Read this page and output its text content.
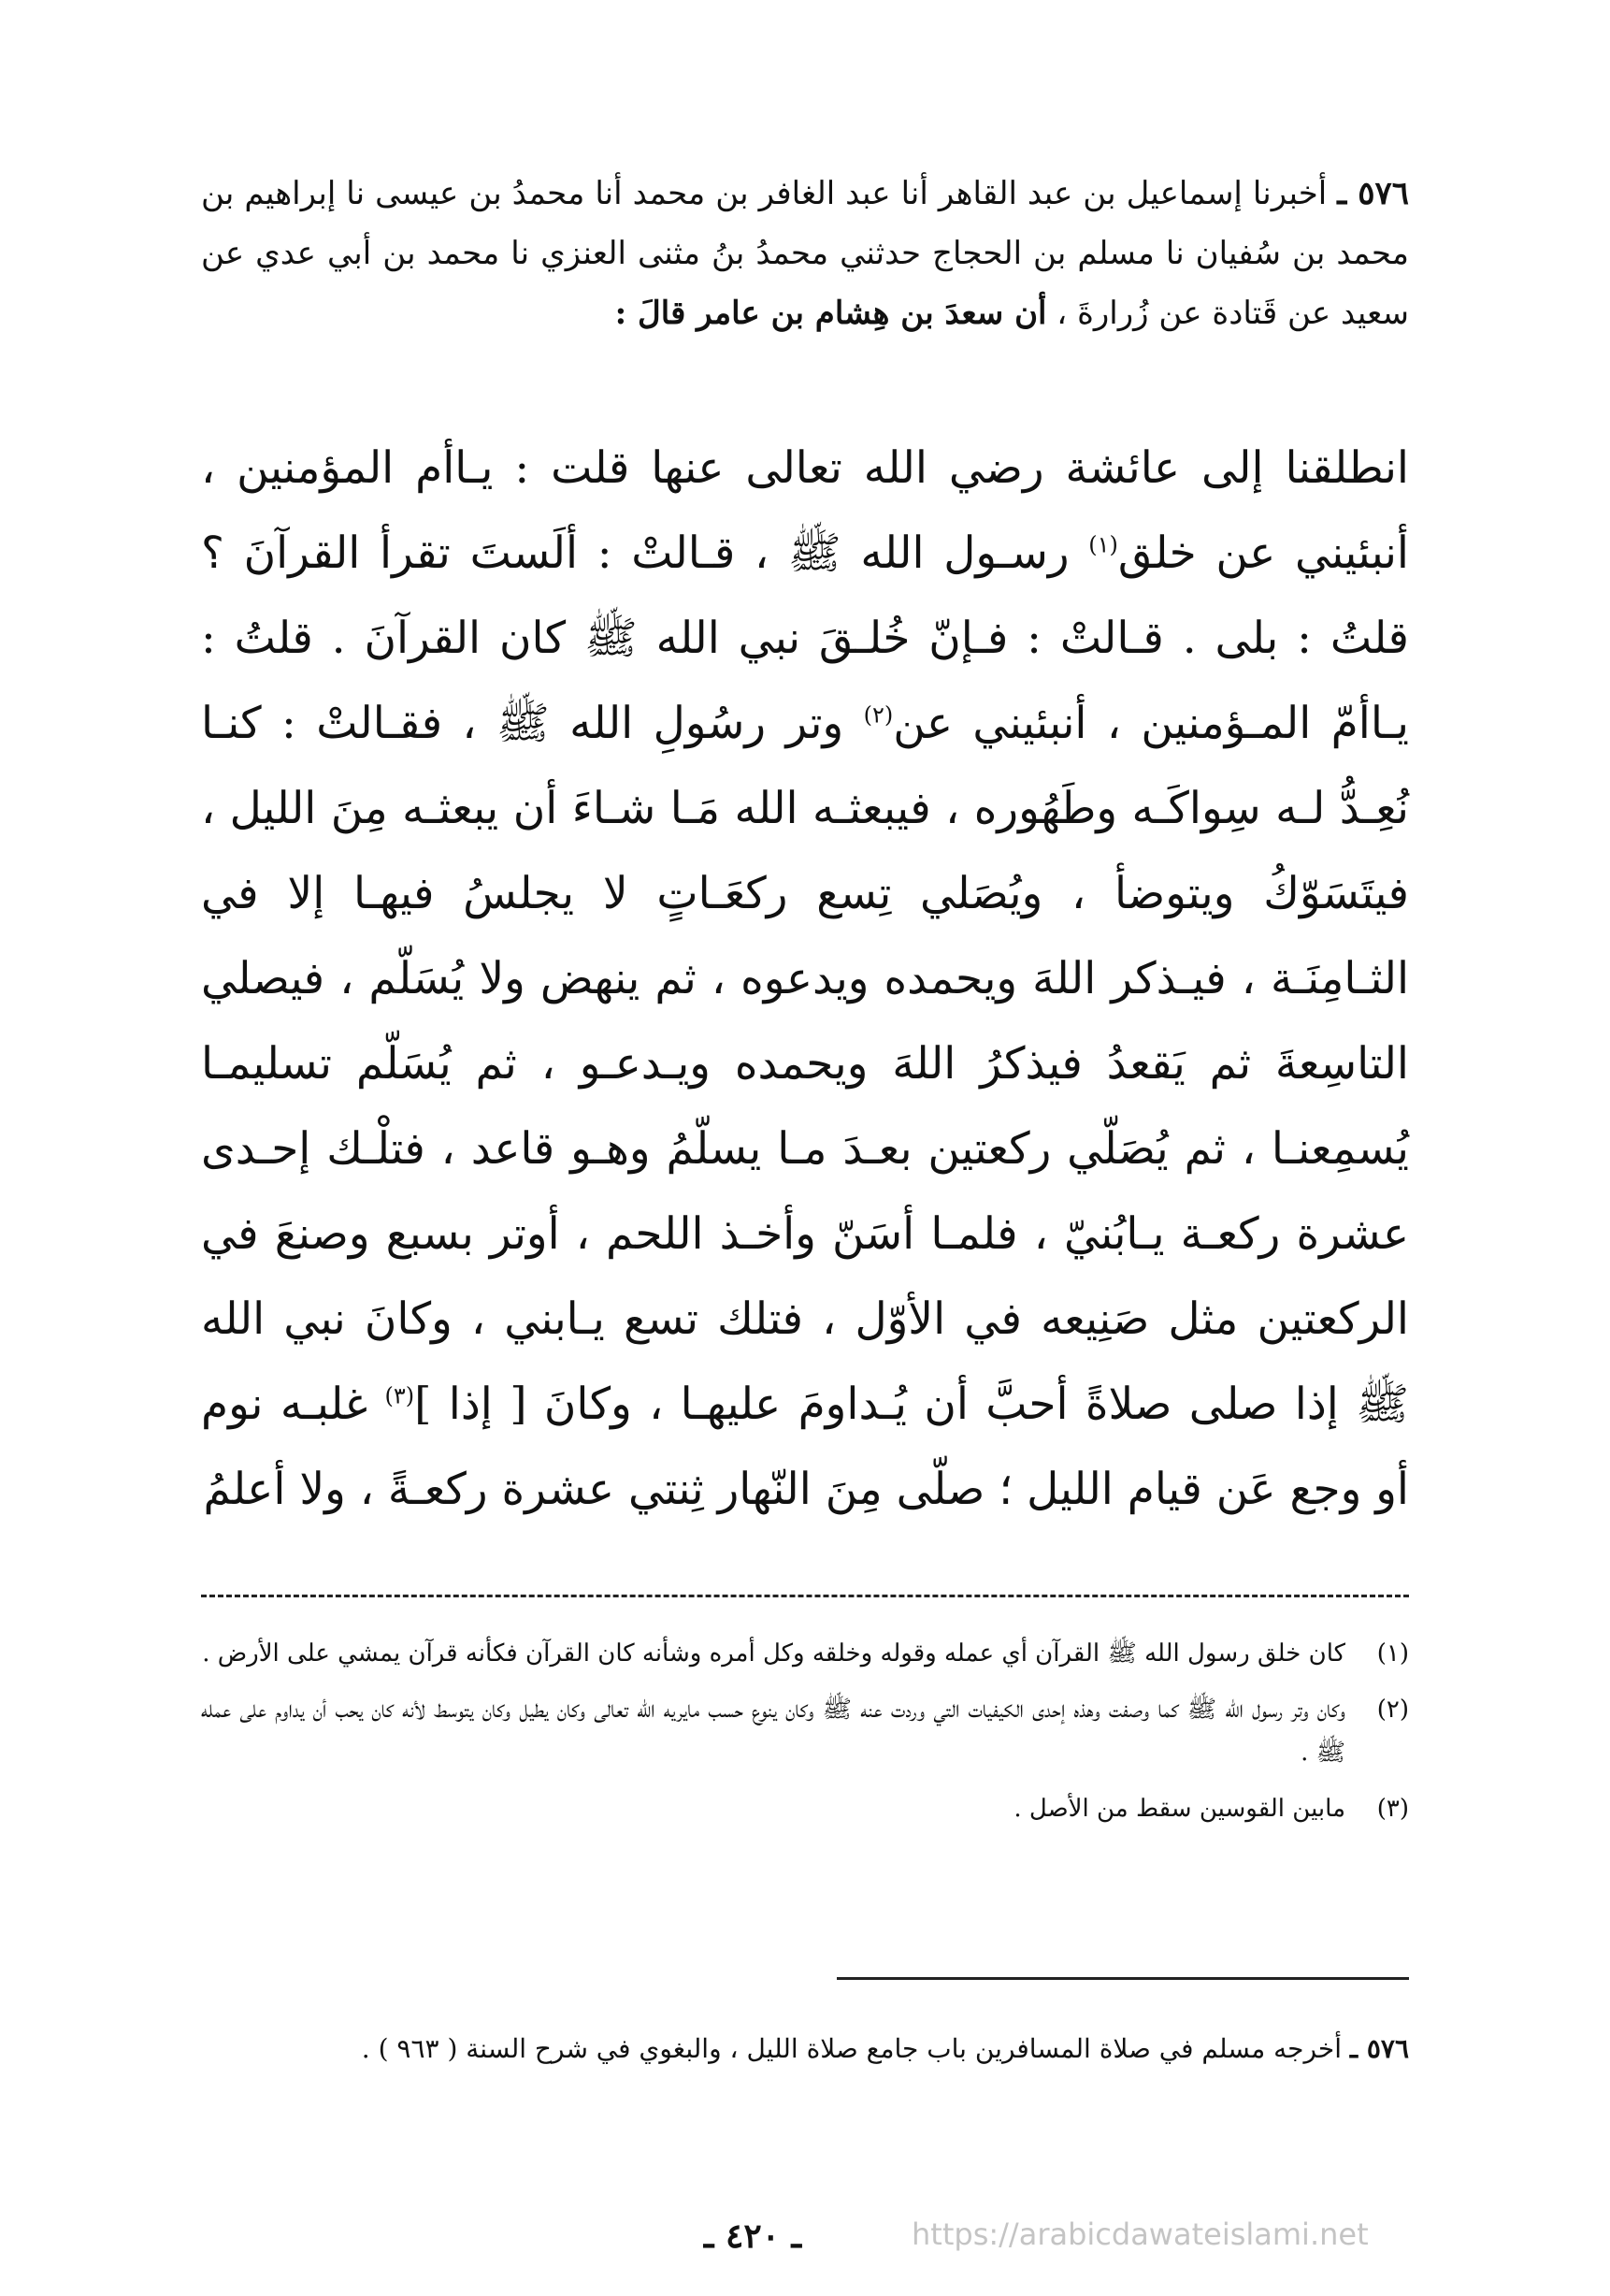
٥٧٦ ـ أخبرنا إسماعيل بن عبد القاهر أنا عبد الغافر بن محمد أنا محمدُ بن عيسى نا إبراهيم بن محمد بن سُفيان نا مسلم بن الحجاج حدثني محمدُ بنُ مثنى العنزي نا محمد بن أبي عدي عن سعيد عن قَتادة عن زُرارةَ ، أن سعدَ بن هِشام بن عامر قالَ :
انطلقنا إلى عائشة رضي الله تعالى عنها قلت : يـاأم المؤمنين ، أنبئيني عن خلق$^{(١)}$ رسـول الله ﷺ ، قـالتْ : ألَستَ تقرأ القرآنَ ؟ قلتُ : بلى . قـالتْ : فـإنّ خُلـقَ نبي الله ﷺ كان القرآنَ . قلتُ : يـاأمّ المـؤمنين ، أنبئيني عن$^{(٢)}$ وتر رسُولِ الله ﷺ ، فقـالتْ : كنـا نُعِـدُّ لـه سِواكَـه وطَهُوره ، فيبعثـه الله مَـا شـاءَ أن يبعثـه مِنَ الليل ، فيتَسَوّكُ ويتوضأ ، ويُصَلي تِسع ركعَـاتٍ لا يجلسُ فيهـا إلا في الثـامِنَـة ، فيـذكر اللهَ ويحمده ويدعوه ، ثم ينهض ولا يُسَلّم ، فيصلي التاسِعةَ ثم يَقعدُ فيذكرُ اللهَ ويحمده ويـدعـو ، ثم يُسَلّم تسليمـا يُسمِعنـا ، ثم يُصَلّي ركعتين بعـدَ مـا يسلّمُ وهـو قاعد ، فتلْـك إحـدى عشرة ركعـة يـابُنيّ ، فلمـا أسَنّ وأخـذ اللحم ، أوتر بسبع وصنعَ في الركعتين مثل صَنِيعه في الأوّل ، فتلك تسع يـابني ، وكانَ نبي الله ﷺ إذا صلى صلاةً أحبَّ أن يُـداومَ عليهـا ، وكانَ [ إذا ]$^{(٣)}$ غلبـه نوم أو وجع عَن قيام الليل ؛ صلّى مِنَ النّهار ثِنتي عشرة ركعـةً ، ولا أعلمُ
(١)
كان خلق رسول الله ﷺ القرآن أي عمله وقوله وخلقه وكل أمره وشأنه كان القرآن فكأنه قرآن يمشي على الأرض .
(٢)
وكان وتر رسول الله ﷺ كما وصفت وهذه إحدى الكيفيات التي وردت عنه ﷺ وكان ينوع حسب مايريه الله تعالى وكان يطيل وكان يتوسط لأنه كان يحب أن يداوم على عمله ﷺ .
(٣)
مابين القوسين سقط من الأصل .
٥٧٦ ـ أخرجه مسلم في صلاة المسافرين باب جامع صلاة الليل ، والبغوي في شرح السنة ( ٩٦٣ ) .
ـ ٤٢٠ ـ	https://arabicdawateislami.net
